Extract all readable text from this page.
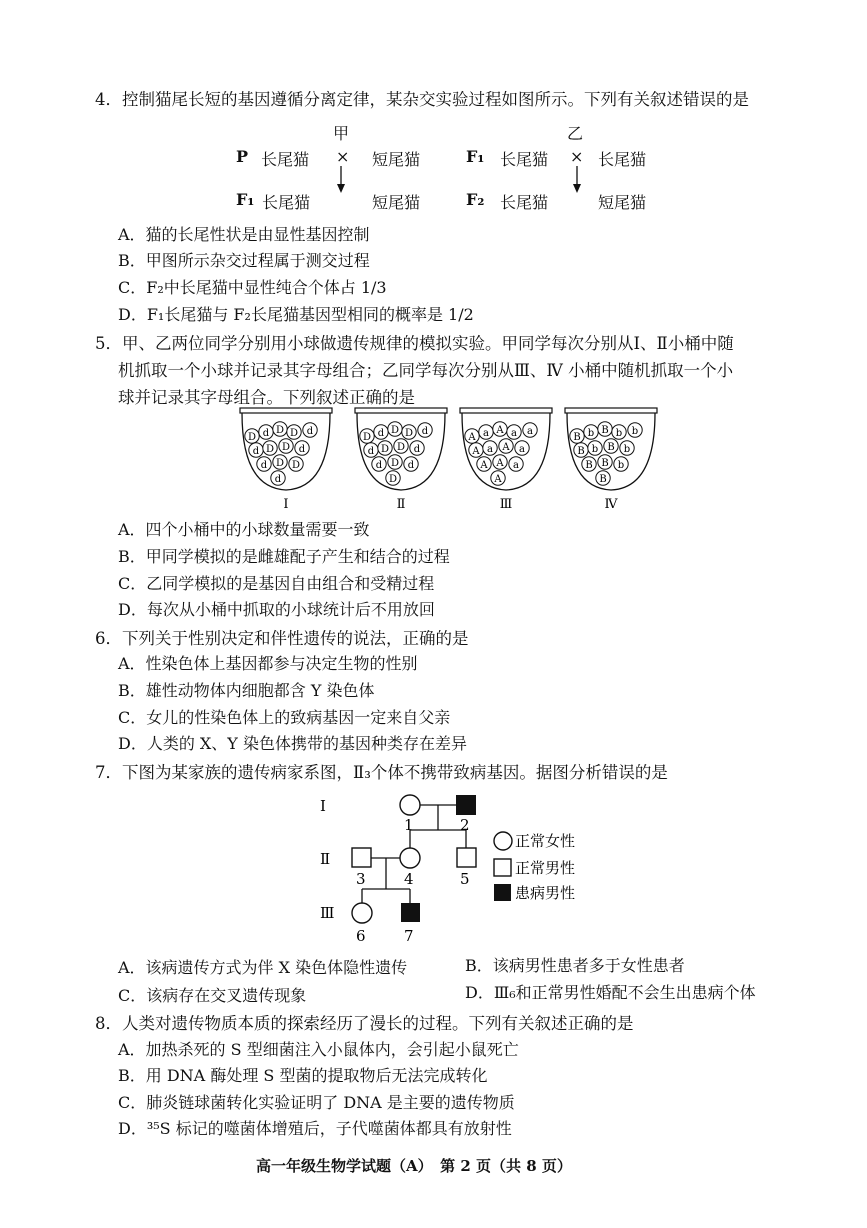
4．控制猫尾长短的基因遵循分离定律，某杂交实验过程如图所示。下列有关叙述错误的是
甲
P 长尾猫 × 短尾猫
F₁ 长尾猫	短尾猫
乙
F₁ 长尾猫 × 长尾猫
F₂ 长尾猫	短尾猫
A．猫的长尾性状是由显性基因控制
B．甲图所示杂交过程属于测交过程
C．F₂中长尾猫中显性纯合个体占 1/3
D．F₁长尾猫与 F₂长尾猫基因型相同的概率是 1/2
5．甲、乙两位同学分别用小球做遗传规律的模拟实验。甲同学每次分别从Ⅰ、Ⅱ小桶中随
机抓取一个小球并记录其字母组合；乙同学每次分别从Ⅲ、Ⅳ 小桶中随机抓取一个小
球并记录其字母组合。下列叙述正确的是
D d D D d
d D D d
d D D
d
Ⅰ
D d D D d
d D D d
d D d
D
Ⅱ
A a A a a
A a A a
A A a
A
Ⅲ
B b B b b
B b B b
B B b
B
Ⅳ
A．四个小桶中的小球数量需要一致
B．甲同学模拟的是雌雄配子产生和结合的过程
C．乙同学模拟的是基因自由组合和受精过程
D．每次从小桶中抓取的小球统计后不用放回
6．下列关于性别决定和伴性遗传的说法，正确的是
A．性染色体上基因都参与决定生物的性别
B．雄性动物体内细胞都含 Y 染色体
C．女儿的性染色体上的致病基因一定来自父亲
D．人类的 X、Y 染色体携带的基因种类存在差异
7．下图为某家族的遗传病家系图，Ⅱ₃个体不携带致病基因。据图分析错误的是
Ⅰ
Ⅱ
Ⅲ
1	2
3	4	5
6	7
正常女性
正常男性
患病男性
A．该病遗传方式为伴 X 染色体隐性遗传	B．该病男性患者多于女性患者
C．该病存在交叉遗传现象	D．Ⅲ₆和正常男性婚配不会生出患病个体
8．人类对遗传物质本质的探索经历了漫长的过程。下列有关叙述正确的是
A．加热杀死的 S 型细菌注入小鼠体内，会引起小鼠死亡
B．用 DNA 酶处理 S 型菌的提取物后无法完成转化
C．肺炎链球菌转化实验证明了 DNA 是主要的遗传物质
D．³⁵S 标记的噬菌体增殖后，子代噬菌体都具有放射性
高一年级生物学试题（A）　第 2 页（共 8 页）
